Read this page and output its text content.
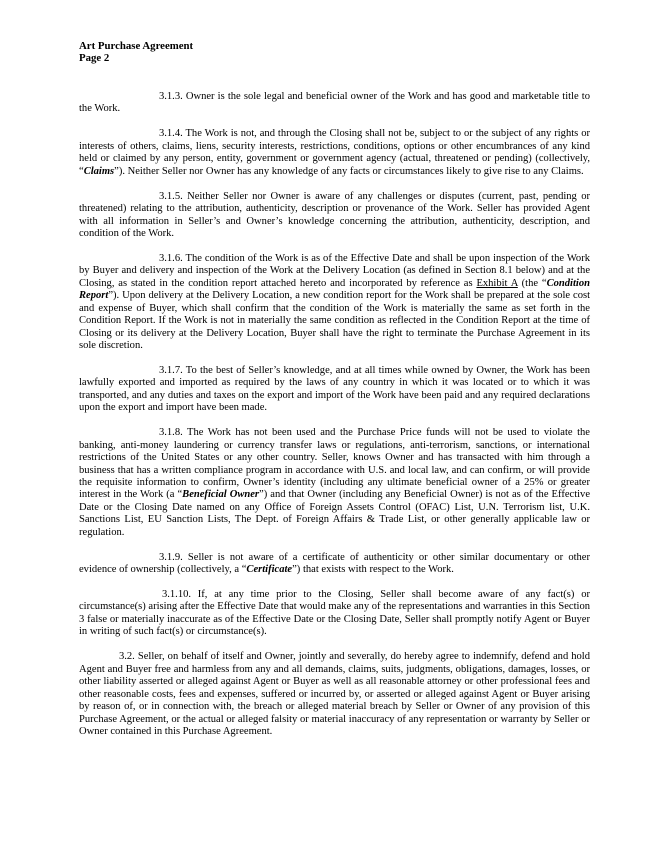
Art Purchase Agreement
Page 2

3.1.3. Owner is the sole legal and beneficial owner of the Work and has good and marketable title to the Work.

3.1.4. The Work is not, and through the Closing shall not be, subject to or the subject of any rights or interests of others, claims, liens, security interests, restrictions, conditions, options or other encumbrances of any kind held or claimed by any person, entity, government or government agency (actual, threatened or pending) (collectively, “Claims”). Neither Seller nor Owner has any knowledge of any facts or circumstances likely to give rise to any Claims.

3.1.5. Neither Seller nor Owner is aware of any challenges or disputes (current, past, pending or threatened) relating to the attribution, authenticity, description or provenance of the Work. Seller has provided Agent with all information in Seller’s and Owner’s knowledge concerning the attribution, authenticity, description, and condition of the Work.

3.1.6. The condition of the Work is as of the Effective Date and shall be upon inspection of the Work by Buyer and delivery and inspection of the Work at the Delivery Location (as defined in Section 8.1 below) and at the Closing, as stated in the condition report attached hereto and incorporated by reference as Exhibit A (the “Condition Report”). Upon delivery at the Delivery Location, a new condition report for the Work shall be prepared at the sole cost and expense of Buyer, which shall confirm that the condition of the Work is materially the same as set forth in the Condition Report. If the Work is not in materially the same condition as reflected in the Condition Report at the time of Closing or its delivery at the Delivery Location, Buyer shall have the right to terminate the Purchase Agreement in its sole discretion.

3.1.7. To the best of Seller’s knowledge, and at all times while owned by Owner, the Work has been lawfully exported and imported as required by the laws of any country in which it was located or to which it was transported, and any duties and taxes on the export and import of the Work have been paid and any required declarations upon the export and import have been made.

3.1.8. The Work has not been used and the Purchase Price funds will not be used to violate the banking, anti-money laundering or currency transfer laws or regulations, anti-terrorism, sanctions, or international restrictions of the United States or any other country. Seller, knows Owner and has transacted with him through a business that has a written compliance program in accordance with U.S. and local law, and can confirm, or will provide the requisite information to confirm, Owner’s identity (including any ultimate beneficial owner of a 25% or greater interest in the Work (a “Beneficial Owner”) and that Owner (including any Beneficial Owner) is not as of the Effective Date or the Closing Date named on any Office of Foreign Assets Control (OFAC) List, U.N. Terrorism list, U.K. Sanctions List, EU Sanction Lists, The Dept. of Foreign Affairs & Trade List, or other generally applicable law or regulation.

3.1.9. Seller is not aware of a certificate of authenticity or other similar documentary or other evidence of ownership (collectively, a “Certificate”) that exists with respect to the Work.

3.1.10. If, at any time prior to the Closing, Seller shall become aware of any fact(s) or circumstance(s) arising after the Effective Date that would make any of the representations and warranties in this Section 3 false or materially inaccurate as of the Effective Date or the Closing Date, Seller shall promptly notify Agent or Buyer in writing of such fact(s) or circumstance(s).

3.2. Seller, on behalf of itself and Owner, jointly and severally, do hereby agree to indemnify, defend and hold Agent and Buyer free and harmless from any and all demands, claims, suits, judgments, obligations, damages, losses, or other liability asserted or alleged against Agent or Buyer as well as all reasonable attorney or other professional fees and other reasonable costs, fees and expenses, suffered or incurred by, or asserted or alleged against Agent or Buyer arising by reason of, or in connection with, the breach or alleged material breach by Seller or Owner of any provision of this Purchase Agreement, or the actual or alleged falsity or material inaccuracy of any representation or warranty by Seller or Owner contained in this Purchase Agreement.
